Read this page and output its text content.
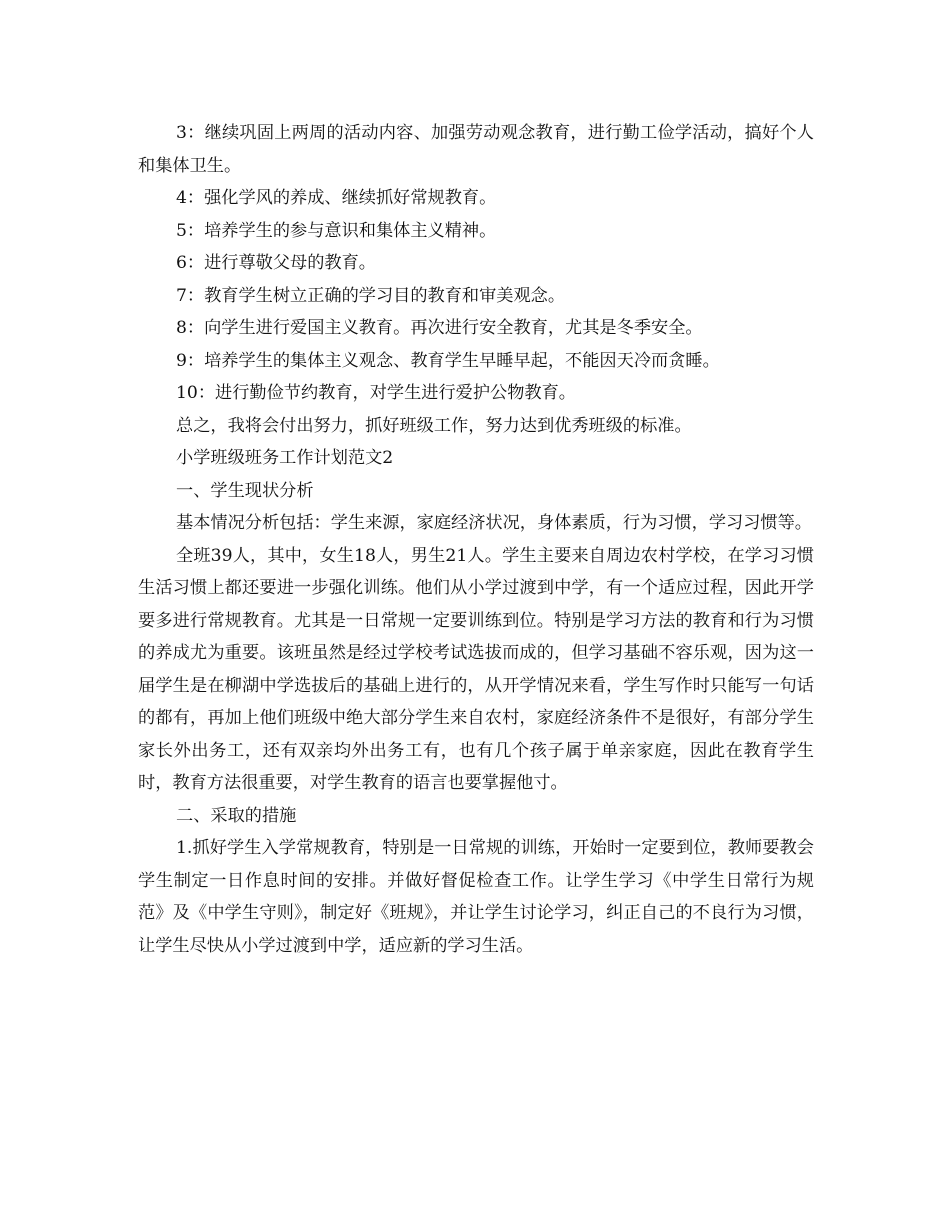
3：继续巩固上两周的活动内容、加强劳动观念教育，进行勤工俭学活动，搞好个人和集体卫生。

4：强化学风的养成、继续抓好常规教育。

5：培养学生的参与意识和集体主义精神。

6：进行尊敬父母的教育。

7：教育学生树立正确的学习目的教育和审美观念。

8：向学生进行爱国主义教育。再次进行安全教育，尤其是冬季安全。

9：培养学生的集体主义观念、教育学生早睡早起，不能因天冷而贪睡。

10：进行勤俭节约教育，对学生进行爱护公物教育。

总之，我将会付出努力，抓好班级工作，努力达到优秀班级的标准。

小学班级班务工作计划范文2

一、学生现状分析

基本情况分析包括：学生来源，家庭经济状况，身体素质，行为习惯，学习习惯等。

全班39人，其中，女生18人，男生21人。学生主要来自周边农村学校，在学习习惯生活习惯上都还要进一步强化训练。他们从小学过渡到中学，有一个适应过程，因此开学要多进行常规教育。尤其是一日常规一定要训练到位。特别是学习方法的教育和行为习惯的养成尤为重要。该班虽然是经过学校考试选拔而成的，但学习基础不容乐观，因为这一届学生是在柳湖中学选拔后的基础上进行的，从开学情况来看，学生写作时只能写一句话的都有，再加上他们班级中绝大部分学生来自农村，家庭经济条件不是很好，有部分学生家长外出务工，还有双亲均外出务工有，也有几个孩子属于单亲家庭，因此在教育学生时，教育方法很重要，对学生教育的语言也要掌握他寸。

二、采取的措施

1.抓好学生入学常规教育，特别是一日常规的训练，开始时一定要到位，教师要教会学生制定一日作息时间的安排。并做好督促检查工作。让学生学习《中学生日常行为规范》及《中学生守则》，制定好《班规》，并让学生讨论学习，纠正自己的不良行为习惯，让学生尽快从小学过渡到中学，适应新的学习生活。
